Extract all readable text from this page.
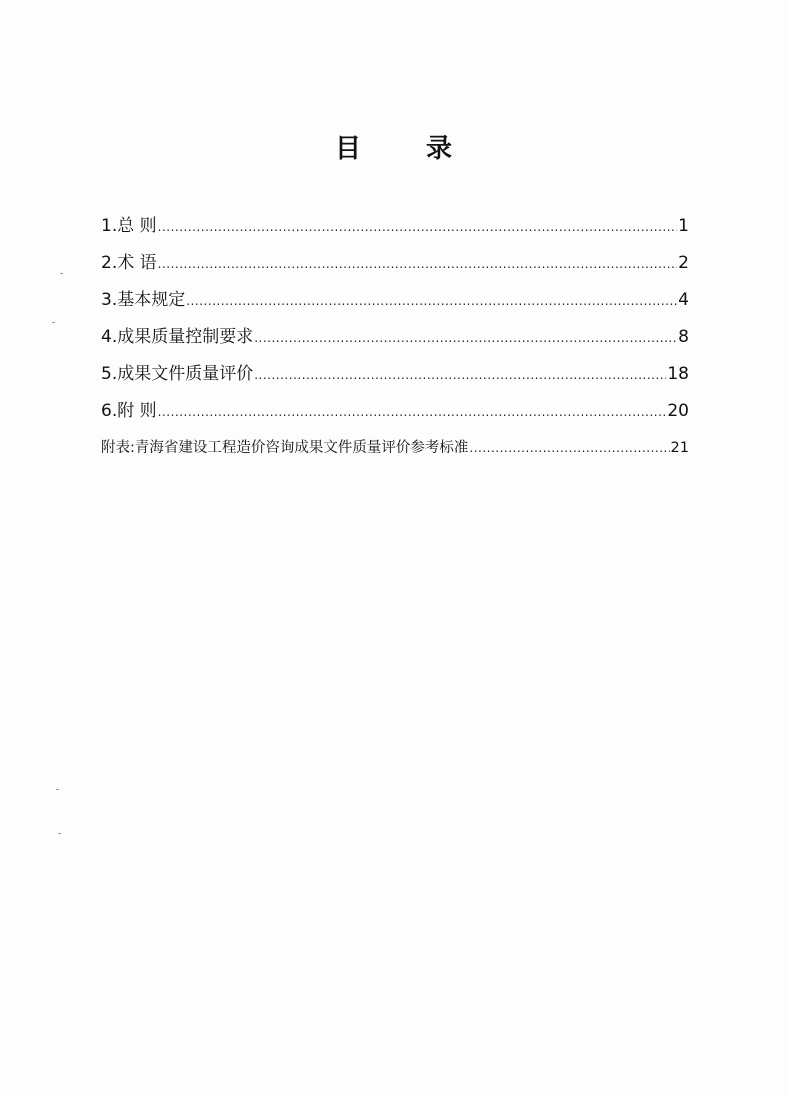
目 录
1.总 则 .....	1
2.术 语 .....	2
3.基本规定 .....	4
4.成果质量控制要求 .....	8
5.成果文件质量评价 .....	18
6.附 则 .....	20
附表:青海省建设工程造价咨询成果文件质量评价参考标准 .....	21
